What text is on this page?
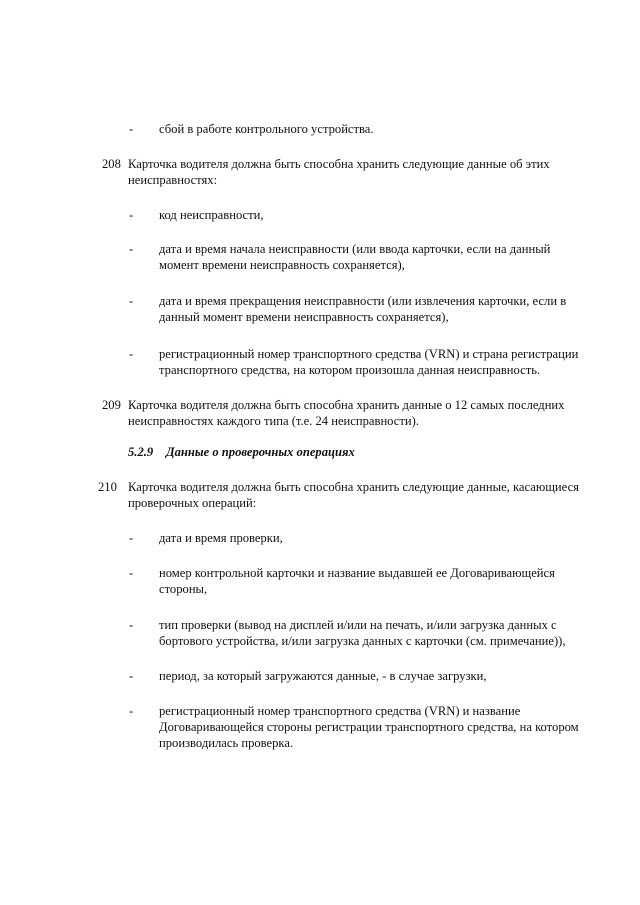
- сбой в работе контрольного устройства.
208 Карточка водителя должна быть способна хранить следующие данные об этих
неисправностях:
- код неисправности,
- дата и время начала неисправности (или ввода карточки, если на данный
момент времени неисправность сохраняется),
- дата и время прекращения неисправности (или извлечения карточки, если в
данный момент времени неисправность сохраняется),
- регистрационный номер транспортного средства (VRN) и страна регистрации
транспортного средства, на котором произошла данная неисправность.
209 Карточка водителя должна быть способна хранить данные о 12 самых последних
неисправностях каждого типа (т.е. 24 неисправности).
5.2.9 Данные о проверочных операциях
210 Карточка водителя должна быть способна хранить следующие данные, касающиеся
проверочных операций:
- дата и время проверки,
- номер контрольной карточки и название выдавшей ее Договаривающейся
стороны,
- тип проверки (вывод на дисплей и/или на печать, и/или загрузка данных с
бортового устройства, и/или загрузка данных с карточки (см. примечание)),
- период, за который загружаются данные, - в случае загрузки,
- регистрационный номер транспортного средства (VRN) и название
Договаривающейся стороны регистрации транспортного средства, на котором
производилась проверка.
